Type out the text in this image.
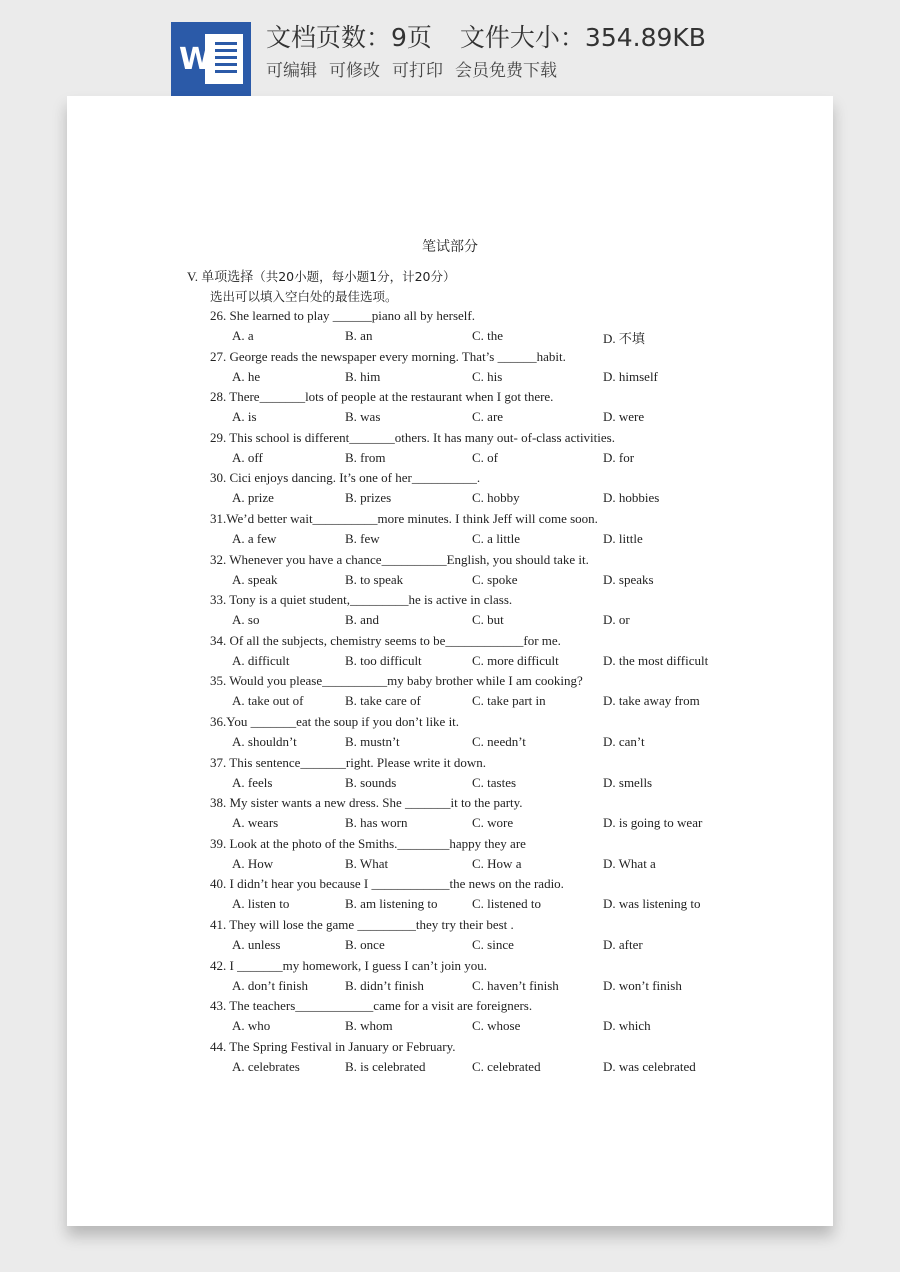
W
文档页数：9页 文件大小：354.89KB
可编辑 可修改 可打印 会员免费下载
笔试部分
V. 单项选择（共20小题，每小题1分，计20分）
选出可以填入空白处的最佳选项。
26. She learned to play ______piano all by herself.
A. a	B. an	C. the	D. 不填
27. George reads the newspaper every morning. That’s ______habit.
A. he	B. him	C. his	D. himself
28. There_______lots of people at the restaurant when I got there.
A. is	B. was	C. are	D. were
29. This school is different_______others. It has many out- of-class activities.
A. off	B. from	C. of	D. for
30. Cici enjoys dancing. It’s one of her__________.
A. prize	B. prizes	C. hobby	D. hobbies
31.We’d better wait__________more minutes. I think Jeff will come soon.
A. a few	B. few	C. a little	D. little
32. Whenever you have a chance__________English, you should take it.
A. speak	B. to speak	C. spoke	D. speaks
33. Tony is a quiet student,_________he is active in class.
A. so	B. and	C. but	D. or
34. Of all the subjects, chemistry seems to be____________for me.
A. difficult	B. too difficult	C. more difficult	D. the most difficult
35. Would you please__________my baby brother while I am cooking?
A. take out of	B. take care of	C. take part in	D. take away from
36.You _______eat the soup if you don’t like it.
A. shouldn’t	B. mustn’t	C. needn’t	D. can’t
37. This sentence_______right. Please write it down.
A. feels	B. sounds	C. tastes	D. smells
38. My sister wants a new dress. She _______it to the party.
A. wears	B. has worn	C. wore	D. is going to wear
39. Look at the photo of the Smiths.________happy they are
A. How	B. What	C. How a	D. What a
40. I didn’t hear you because I ____________the news on the radio.
A. listen to	B. am listening to	C. listened to	D. was listening to
41. They will lose the game _________they try their best .
A. unless	B. once	C. since	D. after
42. I _______my homework, I guess I can’t join you.
A. don’t finish	B. didn’t finish	C. haven’t finish	D. won’t finish
43. The teachers____________came for a visit are foreigners.
A. who	B. whom	C. whose	D. which
44. The Spring Festival in January or February.
A. celebrates	B. is celebrated	C. celebrated	D. was celebrated
